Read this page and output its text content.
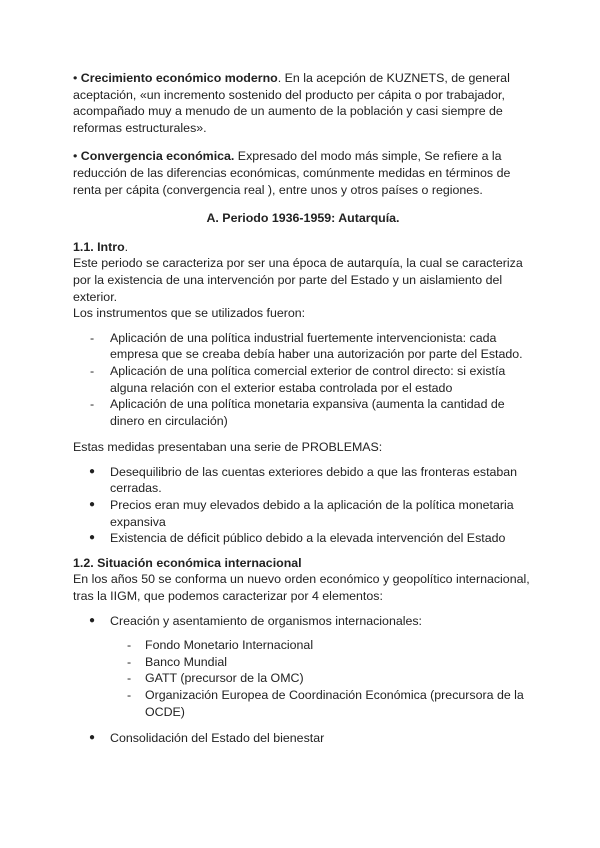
• Crecimiento económico moderno. En la acepción de KUZNETS, de general aceptación, «un incremento sostenido del producto per cápita o por trabajador, acompañado muy a menudo de un aumento de la población y casi siempre de reformas estructurales».

• Convergencia económica. Expresado del modo más simple, Se refiere a la reducción de las diferencias económicas, comúnmente medidas en términos de renta per cápita (convergencia real ), entre unos y otros países o regiones.

A. Periodo 1936-1959: Autarquía.

1.1. Intro.

Este periodo se caracteriza por ser una época de autarquía, la cual se caracteriza por la existencia de una intervención por parte del Estado y un aislamiento del exterior.

Los instrumentos que se utilizados fueron:

- Aplicación de una política industrial fuertemente intervencionista: cada empresa que se creaba debía haber una autorización por parte del Estado.
- Aplicación de una política comercial exterior de control directo: si existía alguna relación con el exterior estaba controlada por el estado
- Aplicación de una política monetaria expansiva (aumenta la cantidad de dinero en circulación)

Estas medidas presentaban una serie de PROBLEMAS:

● Desequilibrio de las cuentas exteriores debido a que las fronteras estaban cerradas.
● Precios eran muy elevados debido a la aplicación de la política monetaria expansiva
● Existencia de déficit público debido a la elevada intervención del Estado

1.2. Situación económica internacional

En los años 50 se conforma un nuevo orden económico y geopolítico internacional, tras la IIGM, que podemos caracterizar por 4 elementos:

● Creación y asentamiento de organismos internacionales:
- Fondo Monetario Internacional
- Banco Mundial
- GATT (precursor de la OMC)
- Organización Europea de Coordinación Económica (precursora de la OCDE)
● Consolidación del Estado del bienestar
